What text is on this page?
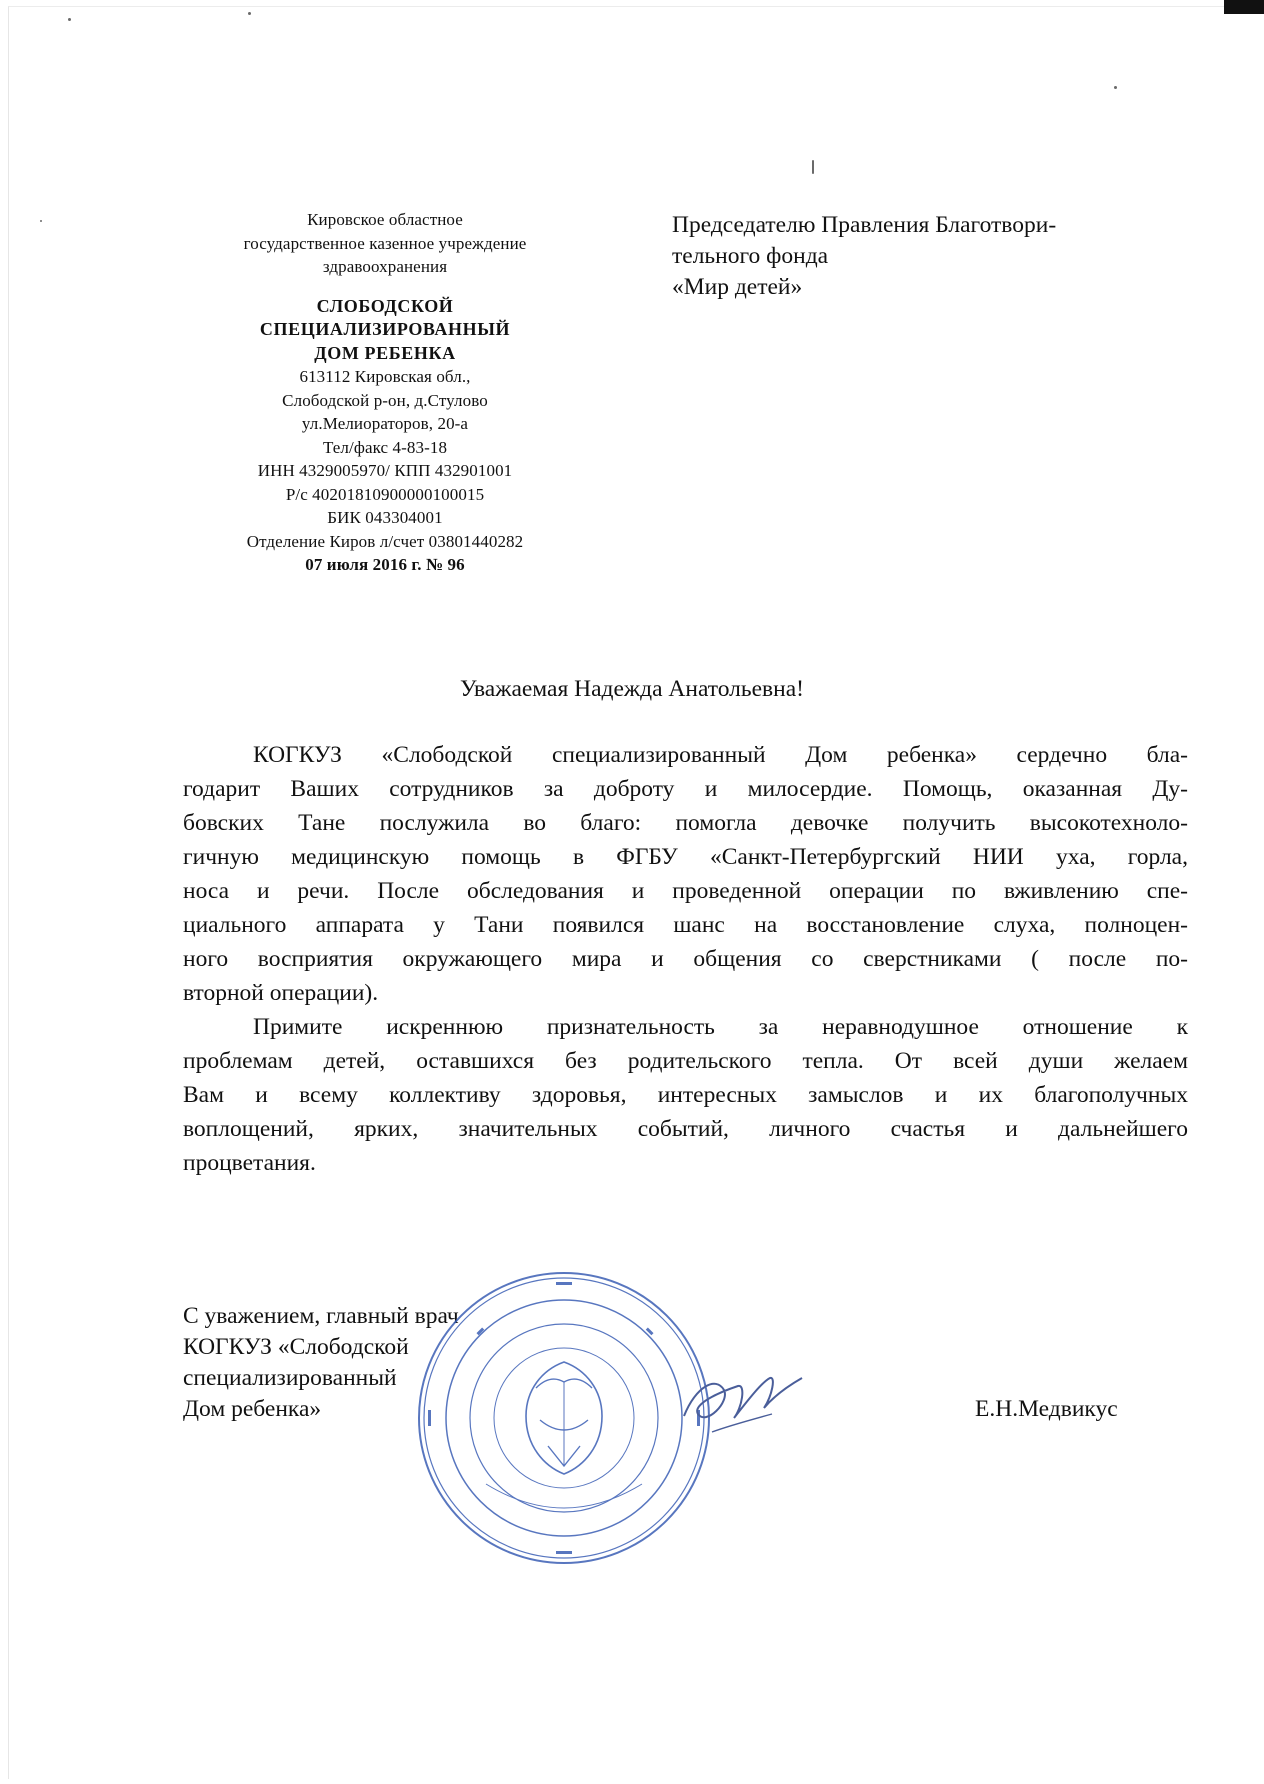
Кировское областное
государственное казенное учреждение
здравоохранения
СЛОБОДСКОЙ
СПЕЦИАЛИЗИРОВАННЫЙ
ДОМ РЕБЕНКА
613112 Кировская обл.,
Слободской р-он, д.Стулово
ул.Мелиораторов, 20-а
Тел/факс 4-83-18
ИНН 4329005970/ КПП 432901001
Р/с 40201810900000100015
БИК 043304001
Отделение Киров л/счет 03801440282
07 июля 2016 г. № 96
Председателю Правления Благотвори-
тельного фонда
«Мир детей»
Уважаемая Надежда Анатольевна!
КОГКУЗ «Слободской специализированный Дом ребенка» сердечно бла-
годарит Ваших сотрудников за доброту и милосердие. Помощь, оказанная Ду-
бовских Тане послужила во благо: помогла девочке получить высокотехноло-
гичную медицинскую помощь в ФГБУ «Санкт-Петербургский НИИ уха, горла,
носа и речи. После обследования и проведенной операции по вживлению спе-
циального аппарата у Тани появился шанс на восстановление слуха, полноцен-
ного восприятия окружающего мира и общения со сверстниками ( после по-
вторной операции).
Примите искреннюю признательность за неравнодушное отношение к
проблемам детей, оставшихся без родительского тепла. От всей души желаем
Вам и всему коллективу здоровья, интересных замыслов и их благополучных
воплощений, ярких, значительных событий, личного счастья и дальнейшего
процветания.
С уважением, главный врач
КОГКУЗ «Слободской
специализированный
Дом ребенка»	Е.Н.Медвикус
